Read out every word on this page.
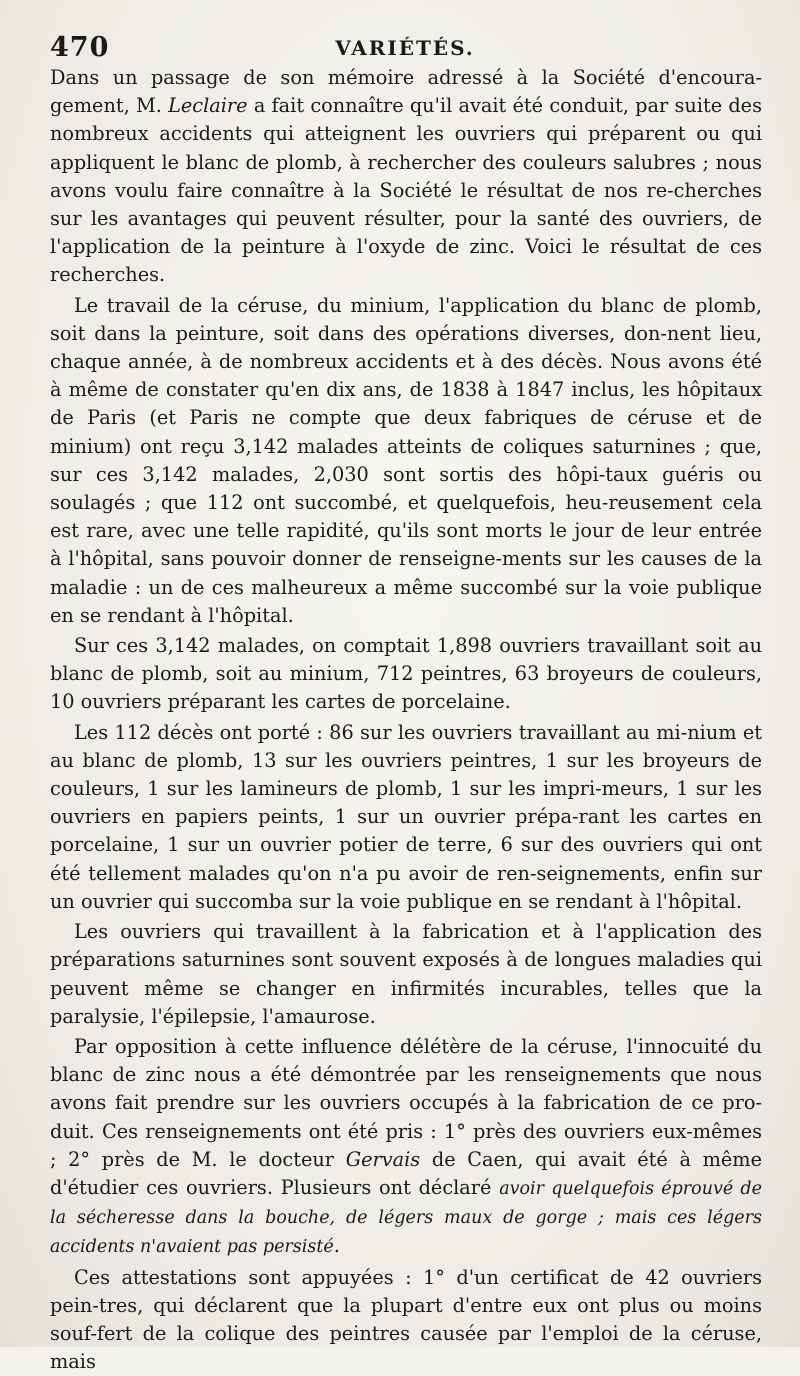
470	VARIÉTÉS.

Dans un passage de son mémoire adressé à la Société d'encoura-gement, M. Leclaire a fait connaître qu'il avait été conduit, par suite des nombreux accidents qui atteignent les ouvriers qui préparent ou qui appliquent le blanc de plomb, à rechercher des couleurs salubres ; nous avons voulu faire connaître à la Société le résultat de nos re-cherches sur les avantages qui peuvent résulter, pour la santé des ouvriers, de l'application de la peinture à l'oxyde de zinc. Voici le résultat de ces recherches.

Le travail de la céruse, du minium, l'application du blanc de plomb, soit dans la peinture, soit dans des opérations diverses, don-nent lieu, chaque année, à de nombreux accidents et à des décès. Nous avons été à même de constater qu'en dix ans, de 1838 à 1847 inclus, les hôpitaux de Paris (et Paris ne compte que deux fabriques de céruse et de minium) ont reçu 3,142 malades atteints de coliques saturnines ; que, sur ces 3,142 malades, 2,030 sont sortis des hôpi-taux guéris ou soulagés ; que 112 ont succombé, et quelquefois, heu-reusement cela est rare, avec une telle rapidité, qu'ils sont morts le jour de leur entrée à l'hôpital, sans pouvoir donner de renseigne-ments sur les causes de la maladie : un de ces malheureux a même succombé sur la voie publique en se rendant à l'hôpital.

Sur ces 3,142 malades, on comptait 1,898 ouvriers travaillant soit au blanc de plomb, soit au minium, 712 peintres, 63 broyeurs de couleurs, 10 ouvriers préparant les cartes de porcelaine.

Les 112 décès ont porté : 86 sur les ouvriers travaillant au mi-nium et au blanc de plomb, 13 sur les ouvriers peintres, 1 sur les broyeurs de couleurs, 1 sur les lamineurs de plomb, 1 sur les impri-meurs, 1 sur les ouvriers en papiers peints, 1 sur un ouvrier prépa-rant les cartes en porcelaine, 1 sur un ouvrier potier de terre, 6 sur des ouvriers qui ont été tellement malades qu'on n'a pu avoir de ren-seignements, enfin sur un ouvrier qui succomba sur la voie publique en se rendant à l'hôpital.

Les ouvriers qui travaillent à la fabrication et à l'application des préparations saturnines sont souvent exposés à de longues maladies qui peuvent même se changer en infirmités incurables, telles que la paralysie, l'épilepsie, l'amaurose.

Par opposition à cette influence délétère de la céruse, l'innocuité du blanc de zinc nous a été démontrée par les renseignements que nous avons fait prendre sur les ouvriers occupés à la fabrication de ce pro-duit. Ces renseignements ont été pris : 1° près des ouvriers eux-mêmes ; 2° près de M. le docteur Gervais de Caen, qui avait été à même d'étudier ces ouvriers. Plusieurs ont déclaré avoir quelquefois éprouvé de la sécheresse dans la bouche, de légers maux de gorge ; mais ces légers accidents n'avaient pas persisté.

Ces attestations sont appuyées : 1° d'un certificat de 42 ouvriers pein-tres, qui déclarent que la plupart d'entre eux ont plus ou moins souf-fert de la colique des peintres causée par l'emploi de la céruse, mais
